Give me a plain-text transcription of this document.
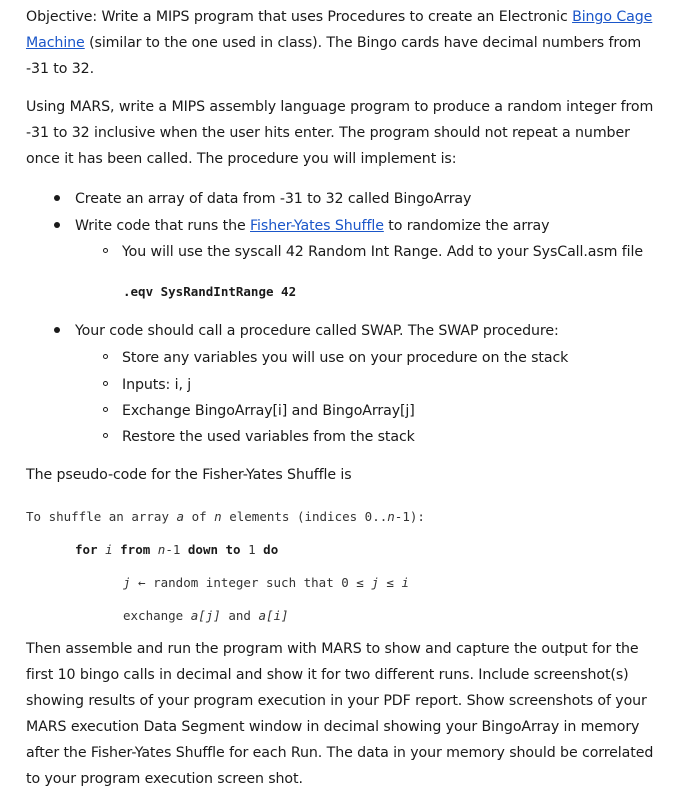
Objective: Write a MIPS program that uses Procedures to create an Electronic Bingo Cage
Machine (similar to the one used in class). The Bingo cards have decimal numbers from -31 to 32.

Using MARS, write a MIPS assembly language program to produce a random integer from -31 to 32 inclusive when the user hits enter. The program should not repeat a number once it has been called. The procedure you will implement is:

Create an array of data from -31 to 32 called BingoArray
Write code that runs the Fisher-Yates Shuffle to randomize the array
You will use the syscall 42 Random Int Range. Add to your SysCall.asm file
.eqv SysRandIntRange 42
Your code should call a procedure called SWAP. The SWAP procedure:
Store any variables you will use on your procedure on the stack
Inputs: i, j
Exchange BingoArray[i] and BingoArray[j]
Restore the used variables from the stack
The pseudo-code for the Fisher-Yates Shuffle is
To shuffle an array a of n elements (indices 0..n-1):
for i from n-1 down to 1 do
j ← random integer such that 0 ≤ j ≤ i
exchange a[j] and a[i]

Then assemble and run the program with MARS to show and capture the output for the first 10 bingo calls in decimal and show it for two different runs. Include screenshot(s) showing results of your program execution in your PDF report. Show screenshots of your MARS execution Data Segment window in decimal showing your BingoArray in memory after the Fisher-Yates Shuffle for each Run. The data in your memory should be correlated to your program execution screen shot.
